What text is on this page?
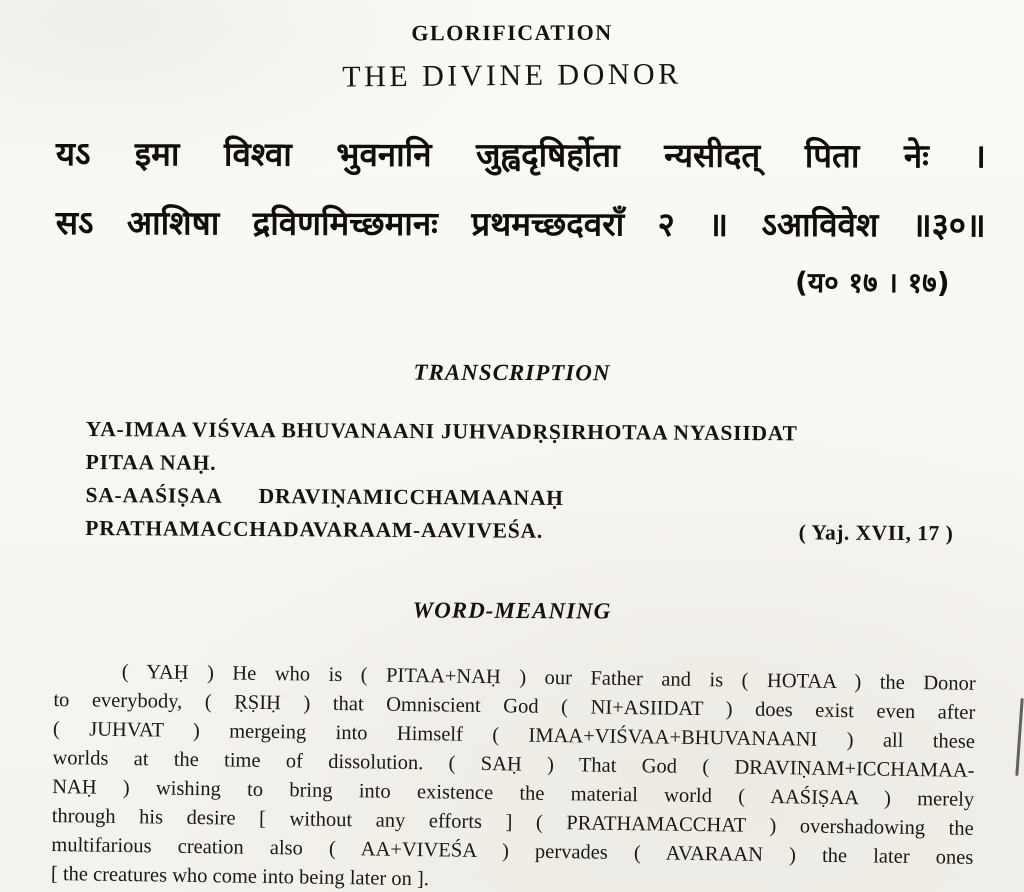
GLORIFICATION
THE DIVINE DONOR
यऽ इमा विश्वा भुवनानि जुह्वदृषिर्होता न्यसीदत् पिता नेः ।
सऽ आशिषा द्रविणमिच्छमानः प्रथमच्छदवराँ २ ॥ ऽआविवेश ॥३०॥
(य० १७ । १७)
TRANSCRIPTION
YA-IMAA VIŚVAA BHUVANAANI JUHVADṚṢIRHOTAA NYASIIDAT
PITAA NAḤ.
SA-AAŚIṢAA DRAVIṆAMICCHAMAANAḤ
PRATHAMACCHADAVARAAM-AAVIVEŚA.	( Yaj. XVII, 17 )
WORD-MEANING
( YAḤ ) He who is ( PITAA+NAḤ ) our Father and is ( HOTAA ) the Donor
to everybody, ( ṚṢIḤ ) that Omniscient God ( NI+ASIIDAT ) does exist even after
( JUHVAT ) mergeing into Himself ( IMAA+VIŚVAA+BHUVANAANI ) all these
worlds at the time of dissolution. ( SAḤ ) That God ( DRAVIṆAM+ICCHAMAA-
NAḤ ) wishing to bring into existence the material world ( AAŚIṢAA ) merely
through his desire [ without any efforts ] ( PRATHAMACCHAT ) overshadowing the
multifarious creation also ( AA+VIVEŚA ) pervades ( AVARAAN ) the later ones
[ the creatures who come into being later on ].
